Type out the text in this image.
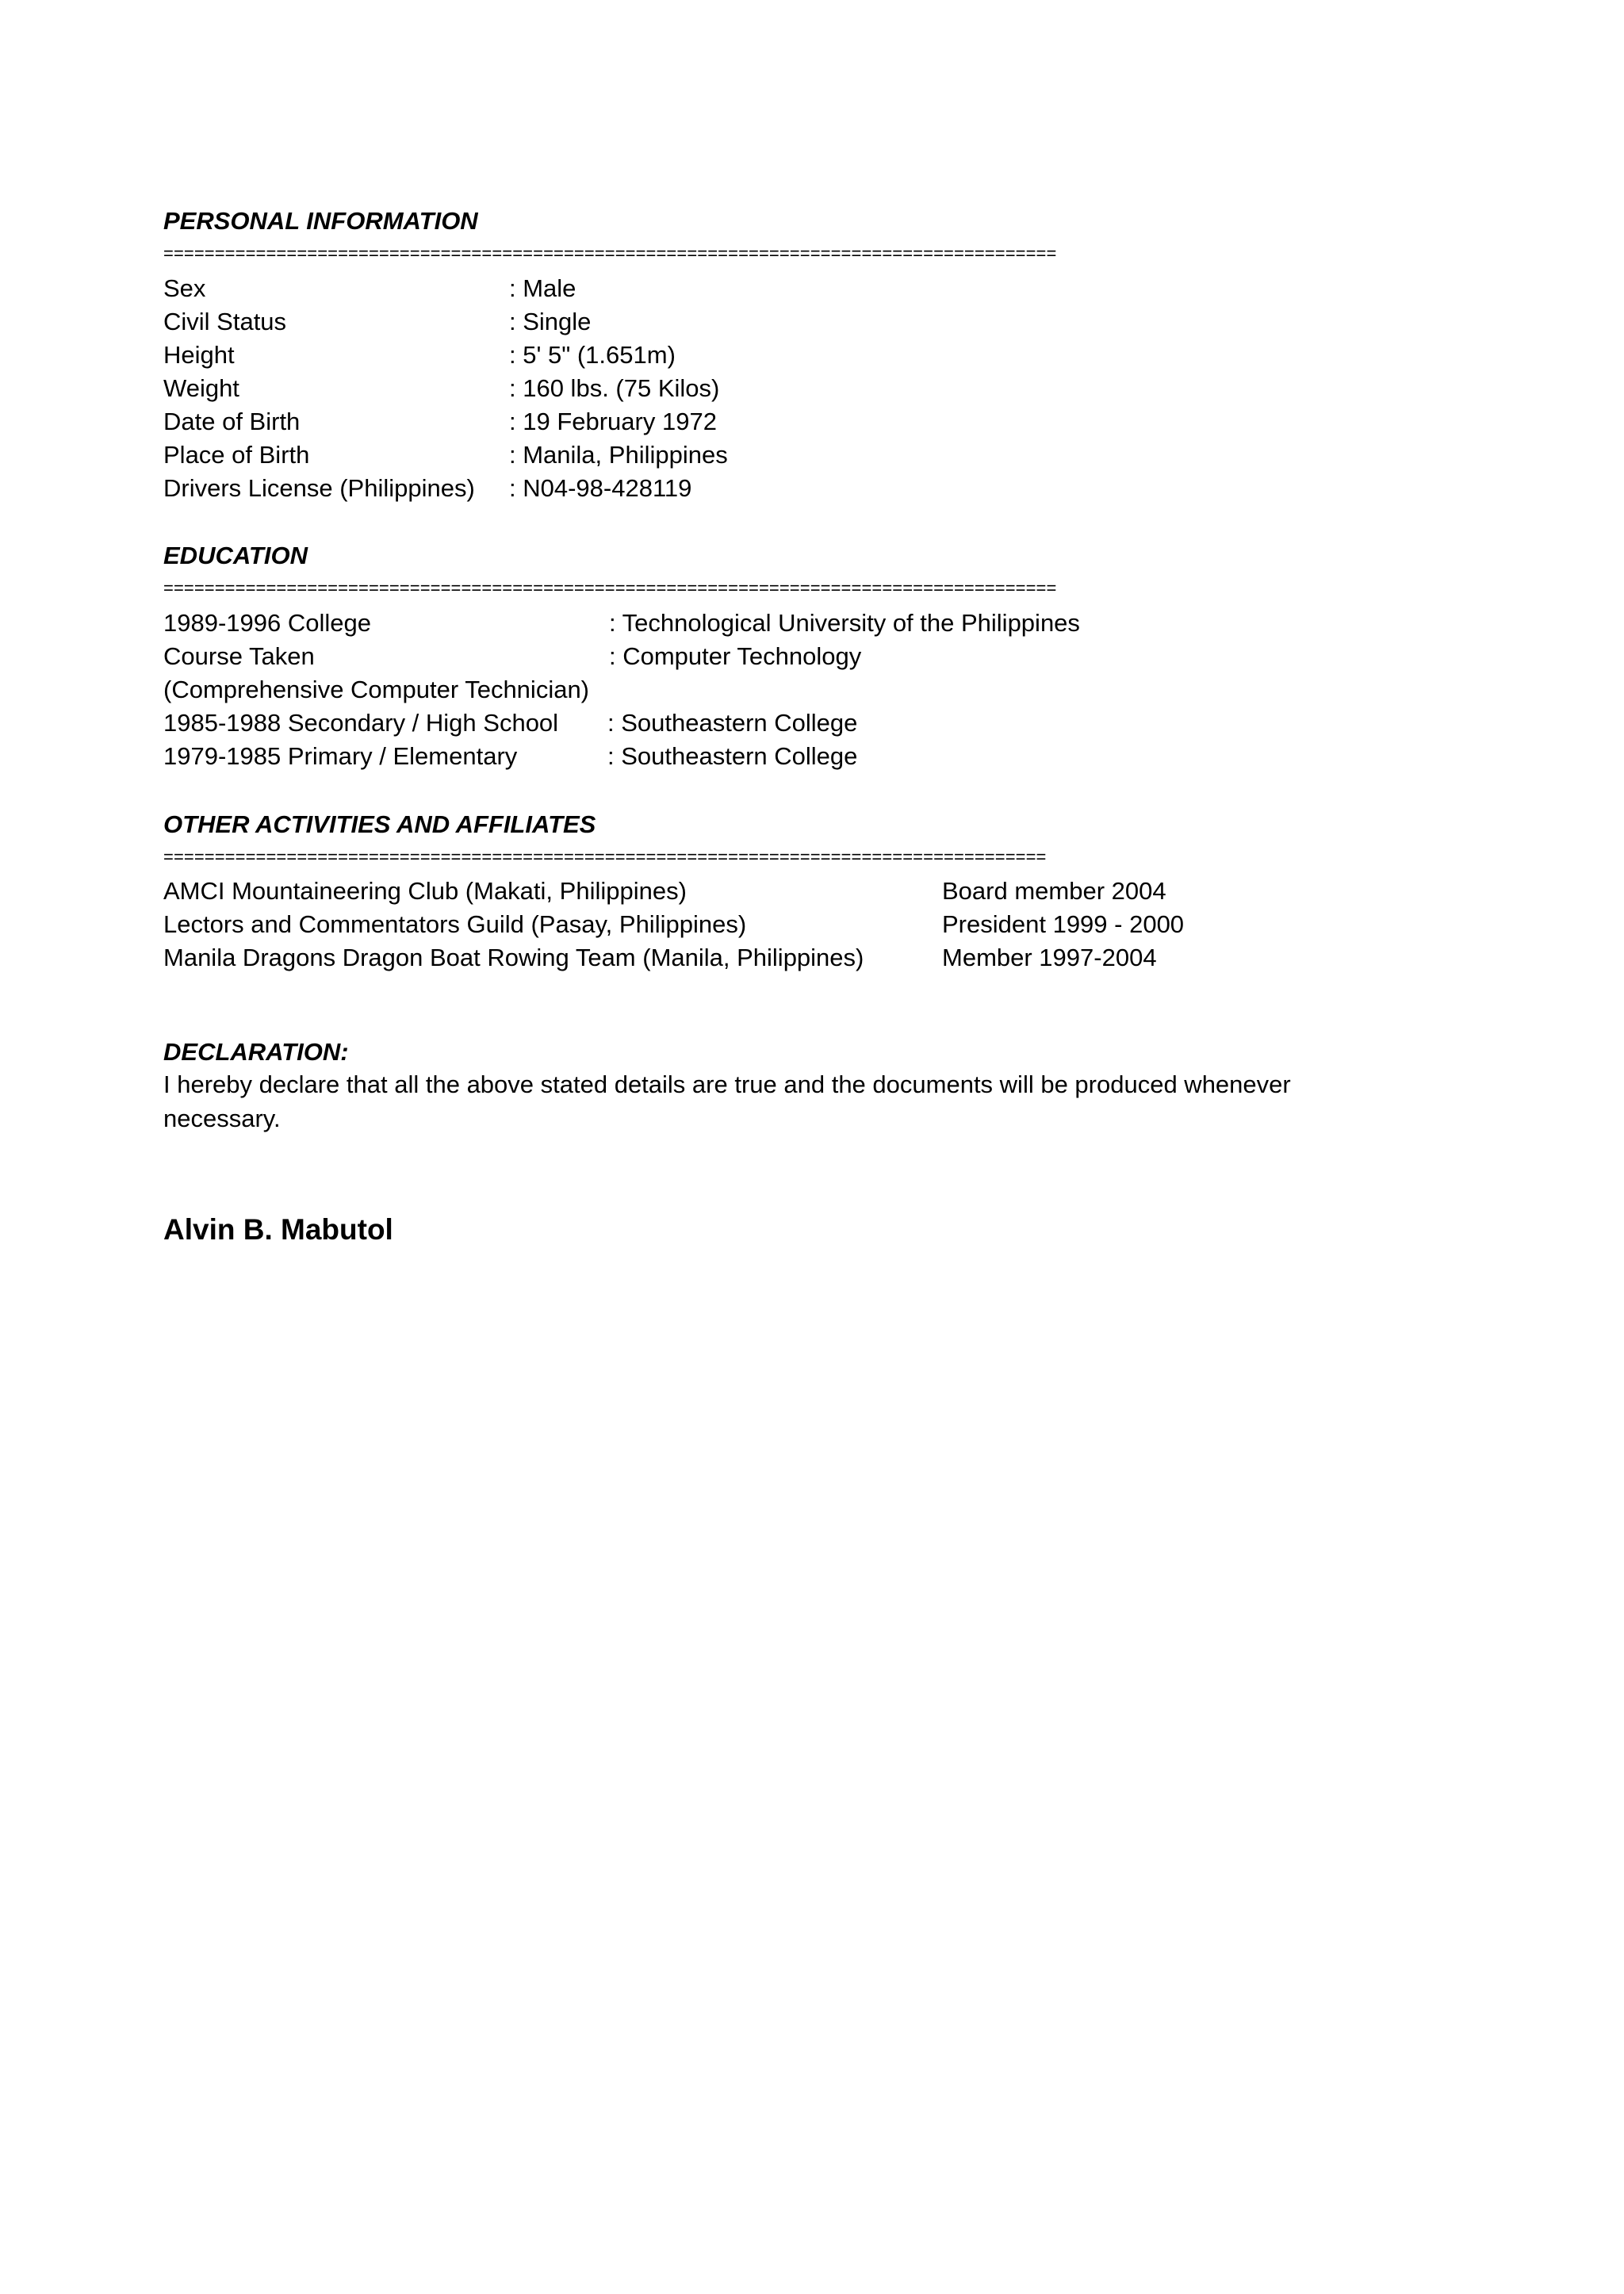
PERSONAL INFORMATION
=======================================================================================
Sex	: Male
Civil Status	: Single
Height	: 5' 5" (1.651m)
Weight	: 160 lbs. (75 Kilos)
Date of Birth	: 19 February 1972
Place of Birth	: Manila, Philippines
Drivers License (Philippines) : N04-98-428119
EDUCATION
=======================================================================================
1989-1996 College	: Technological University of the Philippines
Course Taken	: Computer Technology
(Comprehensive Computer Technician)
1985-1988 Secondary / High School : Southeastern College
1979-1985 Primary / Elementary	: Southeastern College
OTHER ACTIVITIES AND AFFILIATES
======================================================================================
AMCI Mountaineering Club (Makati, Philippines)	Board member 2004
Lectors and Commentators Guild (Pasay, Philippines)	President 1999 - 2000
Manila Dragons Dragon Boat Rowing Team (Manila, Philippines)	Member 1997-2004
DECLARATION:
I hereby declare that all the above stated details are true and the documents will be produced whenever necessary.
Alvin B. Mabutol
